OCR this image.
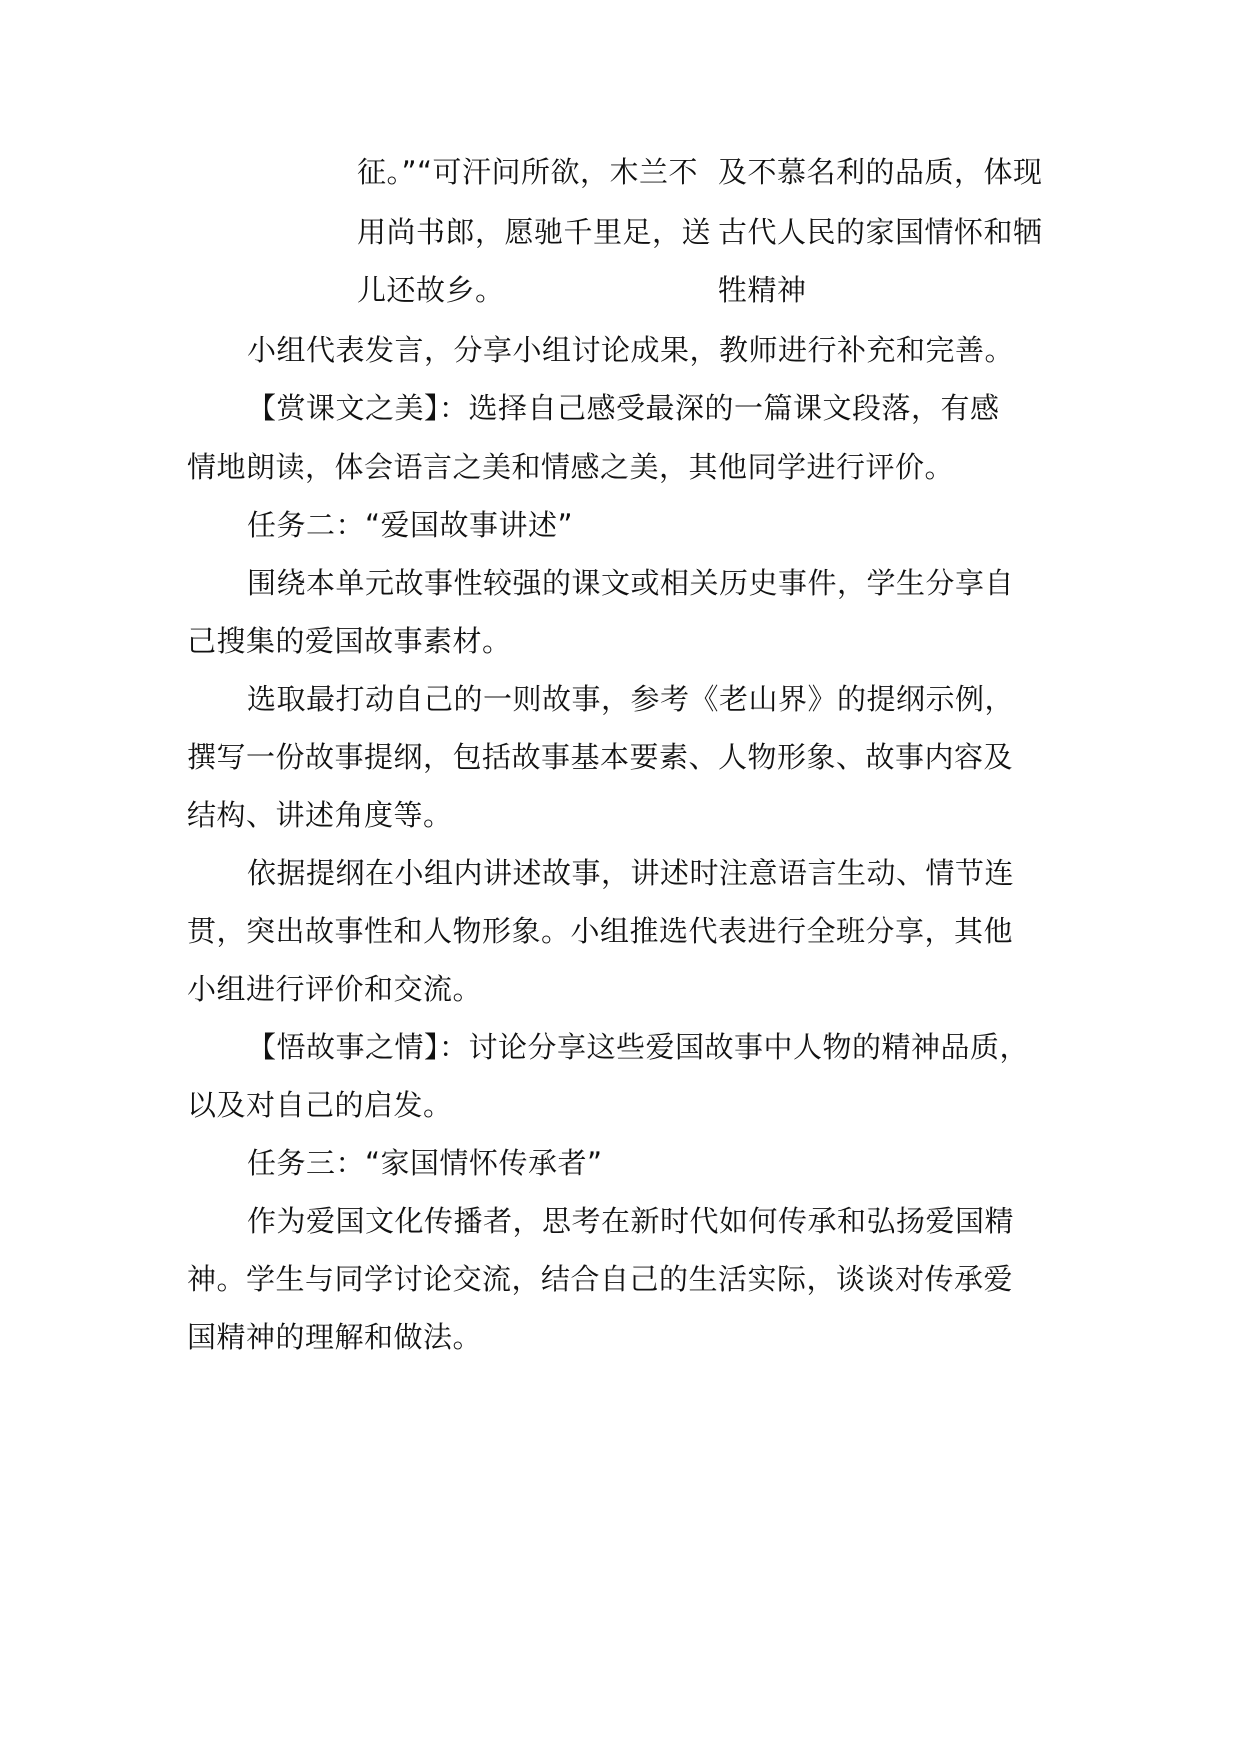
征。”“可汗问所欲，木兰不
用尚书郎，愿驰千里足，送
儿还故乡。
及不慕名利的品质，体现
古代人民的家国情怀和牺
牲精神
小组代表发言，分享小组讨论成果，教师进行补充和完善。
【赏课文之美】：选择自己感受最深的一篇课文段落，有感
情地朗读，体会语言之美和情感之美，其他同学进行评价。
任务二：“爱国故事讲述”
围绕本单元故事性较强的课文或相关历史事件，学生分享自
己搜集的爱国故事素材。
选取最打动自己的一则故事，参考《老山界》的提纲示例，
撰写一份故事提纲，包括故事基本要素、人物形象、故事内容及
结构、讲述角度等。
依据提纲在小组内讲述故事，讲述时注意语言生动、情节连
贯，突出故事性和人物形象。小组推选代表进行全班分享，其他
小组进行评价和交流。
【悟故事之情】：讨论分享这些爱国故事中人物的精神品质，
以及对自己的启发。
任务三：“家国情怀传承者”
作为爱国文化传播者，思考在新时代如何传承和弘扬爱国精
神。学生与同学讨论交流，结合自己的生活实际，谈谈对传承爱
国精神的理解和做法。
